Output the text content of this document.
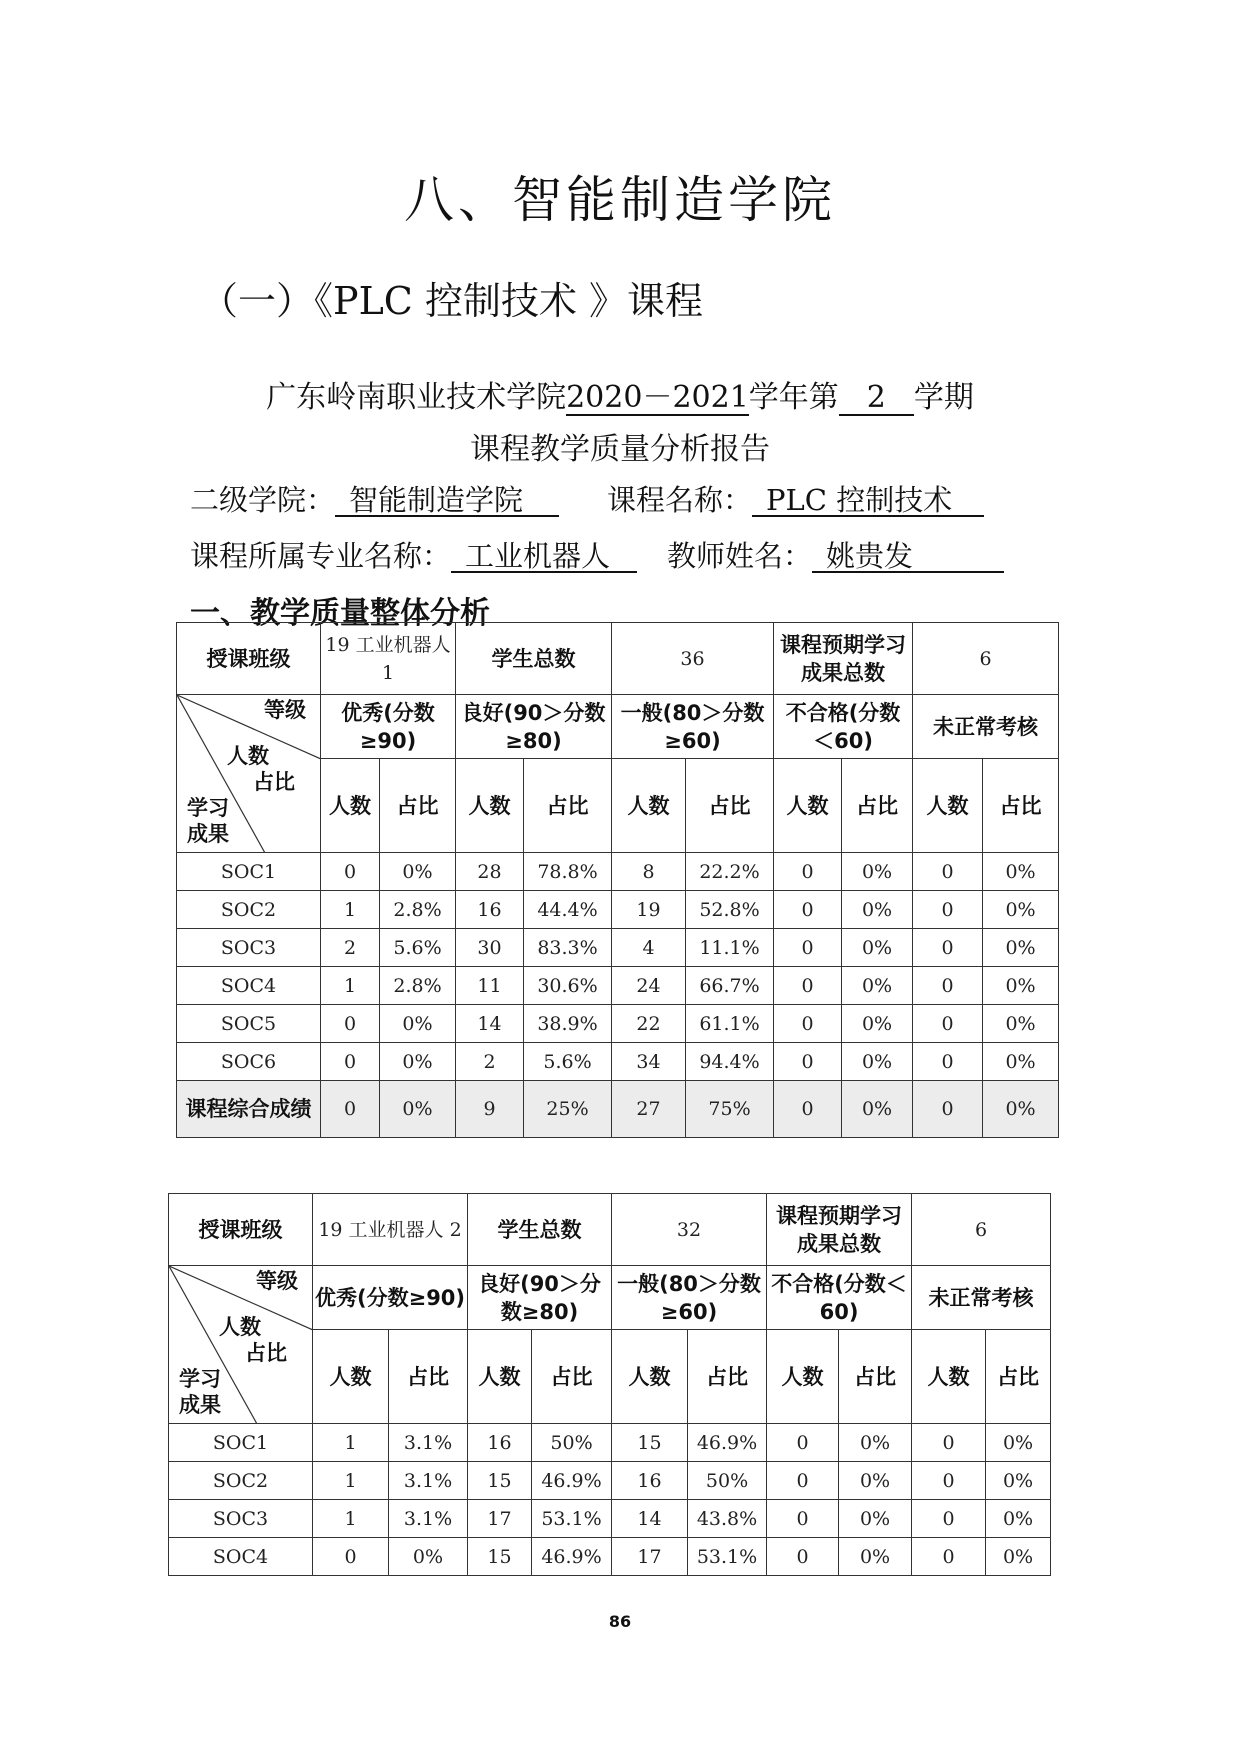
八、智能制造学院
（一）《PLC 控制技术 》课程
广东岭南职业技术学院2020－2021学年第 2 学期
课程教学质量分析报告
二级学院： 智能制造学院	课程名称： PLC 控制技术
课程所属专业名称： 工业机器人 教师姓名： 姚贵发
一、教学质量整体分析
授课班级	19 工业机器人 1		学生总数		36		课程预期学习成果总数		6	

等级
人数
占比
学习
成果	优秀(分数≥90)		良好(90＞分数≥80)		一般(80＞分数≥60)		不合格(分数＜60)		未正常考核	
	人数	占比	人数	占比	人数	占比	人数	占比	人数	占比
SOC1	0	0%	28	78.8%	8	22.2%	0	0%	0	0%
SOC2	1	2.8%	16	44.4%	19	52.8%	0	0%	0	0%
SOC3	2	5.6%	30	83.3%	4	11.1%	0	0%	0	0%
SOC4	1	2.8%	11	30.6%	24	66.7%	0	0%	0	0%
SOC5	0	0%	14	38.9%	22	61.1%	0	0%	0	0%
SOC6	0	0%	2	5.6%	34	94.4%	0	0%	0	0%
课程综合成绩	0	0%	9	25%	27	75%	0	0%	0	0%
授课班级	19 工业机器人 2		学生总数		32		课程预期学习成果总数		6	

等级
人数
占比
学习
成果	优秀(分数≥90)		良好(90＞分数≥80)		一般(80＞分数≥60)		不合格(分数＜60)		未正常考核	
	人数	占比	人数	占比	人数	占比	人数	占比	人数	占比
SOC1	1	3.1%	16	50%	15	46.9%	0	0%	0	0%
SOC2	1	3.1%	15	46.9%	16	50%	0	0%	0	0%
SOC3	1	3.1%	17	53.1%	14	43.8%	0	0%	0	0%
SOC4	0	0%	15	46.9%	17	53.1%	0	0%	0	0%
86
